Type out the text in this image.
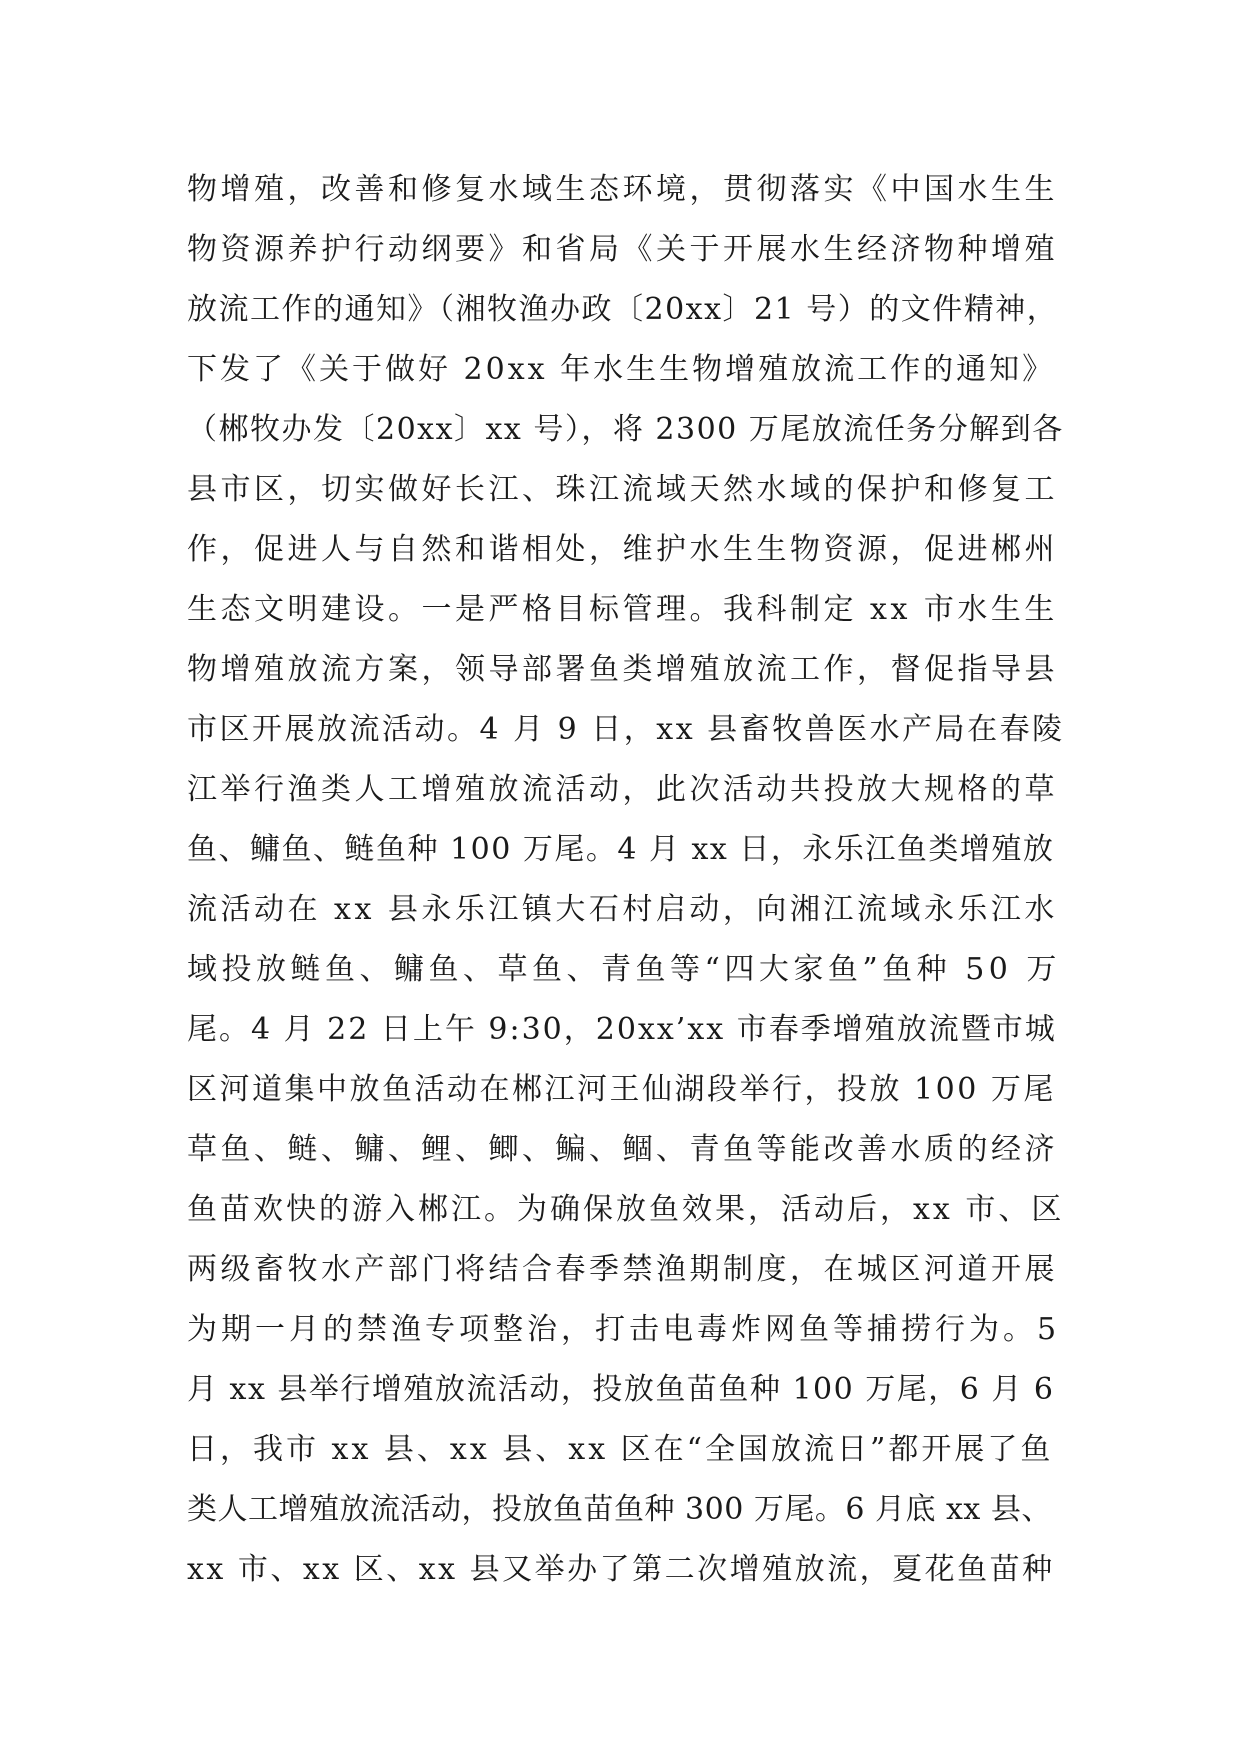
物增殖，改善和修复水域生态环境，贯彻落实《中国水生生
物资源养护行动纲要》和省局《关于开展水生经济物种增殖
放流工作的通知》（湘牧渔办政〔20xx〕21 号）的文件精神，
下发了《关于做好 20xx 年水生生物增殖放流工作的通知》
（郴牧办发〔20xx〕xx 号），将 2300 万尾放流任务分解到各
县市区，切实做好长江、珠江流域天然水域的保护和修复工
作，促进人与自然和谐相处，维护水生生物资源，促进郴州
生态文明建设。一是严格目标管理。我科制定 xx 市水生生
物增殖放流方案，领导部署鱼类增殖放流工作，督促指导县
市区开展放流活动。4 月 9 日，xx 县畜牧兽医水产局在春陵
江举行渔类人工增殖放流活动，此次活动共投放大规格的草
鱼、鳙鱼、鲢鱼种 100 万尾。4 月 xx 日，永乐江鱼类增殖放
流活动在 xx 县永乐江镇大石村启动，向湘江流域永乐江水
域投放鲢鱼、鳙鱼、草鱼、青鱼等“四大家鱼”鱼种 50 万
尾。4 月 22 日上午 9:30，20xx’xx 市春季增殖放流暨市城
区河道集中放鱼活动在郴江河王仙湖段举行，投放 100 万尾
草鱼、鲢、鳙、鲤、鲫、鳊、鲴、青鱼等能改善水质的经济
鱼苗欢快的游入郴江。为确保放鱼效果，活动后，xx 市、区
两级畜牧水产部门将结合春季禁渔期制度，在城区河道开展
为期一月的禁渔专项整治，打击电毒炸网鱼等捕捞行为。5
月 xx 县举行增殖放流活动，投放鱼苗鱼种 100 万尾，6 月 6
日，我市 xx 县、xx 县、xx 区在“全国放流日”都开展了鱼
类人工增殖放流活动，投放鱼苗鱼种 300 万尾。6 月底 xx 县、
xx 市、xx 区、xx 县又举办了第二次增殖放流，夏花鱼苗种
